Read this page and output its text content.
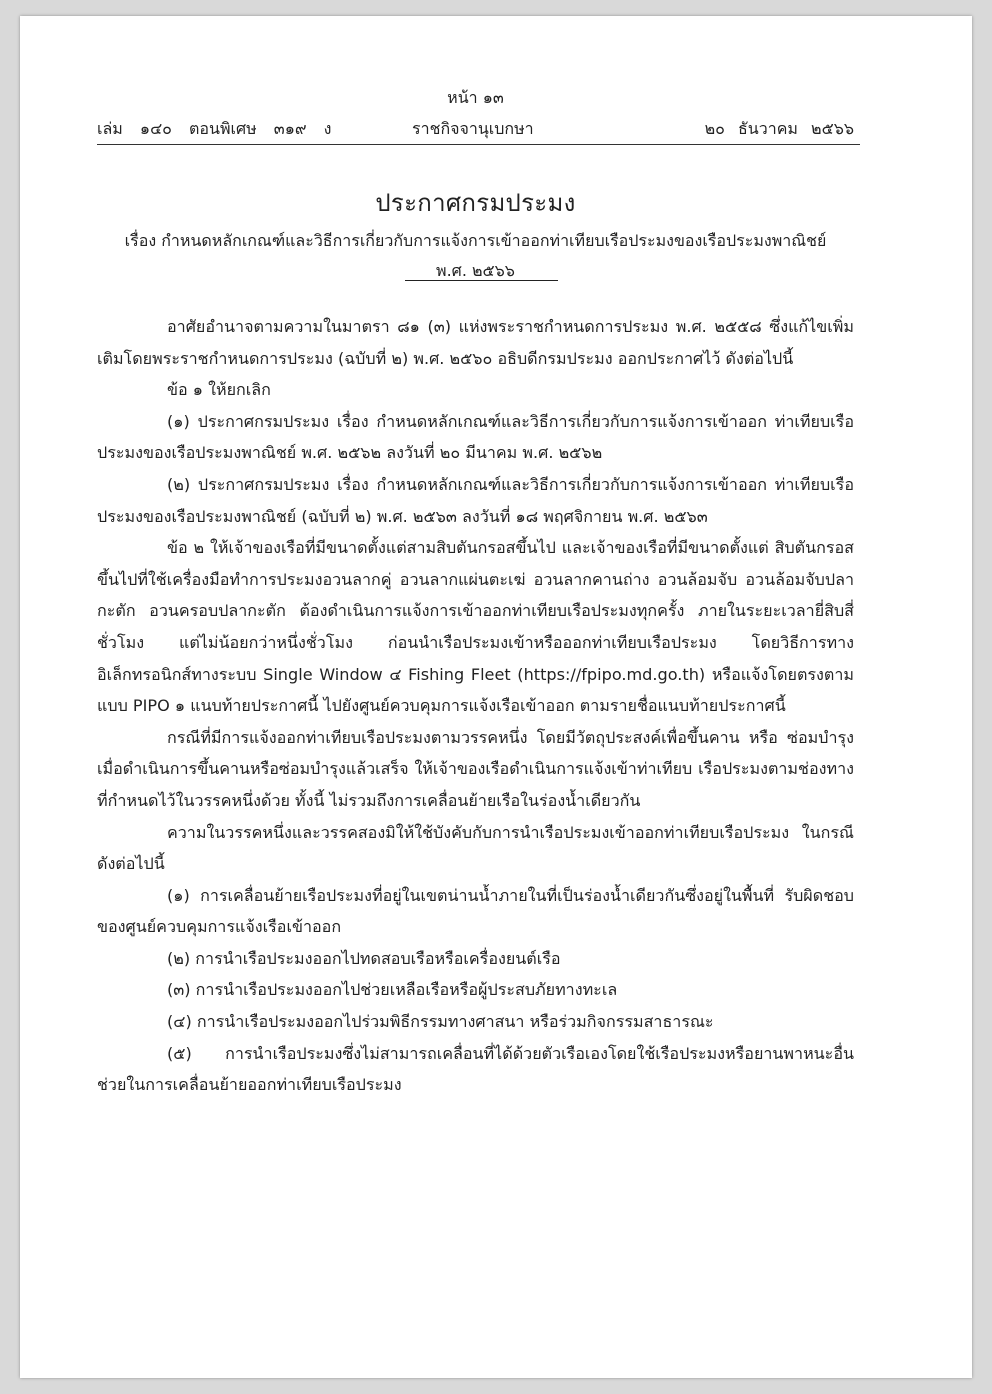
หน้า ๑๓
เล่ม ๑๔๐ ตอนพิเศษ ๓๑๙ ง	ราชกิจจานุเบกษา	๒๐ ธันวาคม ๒๕๖๖
ประกาศกรมประมง
เรื่อง กำหนดหลักเกณฑ์และวิธีการเกี่ยวกับการแจ้งการเข้าออกท่าเทียบเรือประมงของเรือประมงพาณิชย์
พ.ศ. ๒๕๖๖

อาศัยอำนาจตามความในมาตรา ๘๑ (๓) แห่งพระราชกำหนดการประมง พ.ศ. ๒๕๕๘ ซึ่งแก้ไขเพิ่มเติมโดยพระราชกำหนดการประมง (ฉบับที่ ๒) พ.ศ. ๒๕๖๐ อธิบดีกรมประมง ออกประกาศไว้ ดังต่อไปนี้

ข้อ ๑ ให้ยกเลิก

(๑) ประกาศกรมประมง เรื่อง กำหนดหลักเกณฑ์และวิธีการเกี่ยวกับการแจ้งการเข้าออก ท่าเทียบเรือประมงของเรือประมงพาณิชย์ พ.ศ. ๒๕๖๒ ลงวันที่ ๒๐ มีนาคม พ.ศ. ๒๕๖๒

(๒) ประกาศกรมประมง เรื่อง กำหนดหลักเกณฑ์และวิธีการเกี่ยวกับการแจ้งการเข้าออก ท่าเทียบเรือประมงของเรือประมงพาณิชย์ (ฉบับที่ ๒) พ.ศ. ๒๕๖๓ ลงวันที่ ๑๘ พฤศจิกายน พ.ศ. ๒๕๖๓

ข้อ ๒ ให้เจ้าของเรือที่มีขนาดตั้งแต่สามสิบตันกรอสขึ้นไป และเจ้าของเรือที่มีขนาดตั้งแต่ สิบตันกรอสขึ้นไปที่ใช้เครื่องมือทำการประมงอวนลากคู่ อวนลากแผ่นตะเฆ่ อวนลากคานถ่าง อวนล้อมจับ อวนล้อมจับปลากะตัก อวนครอบปลากะตัก ต้องดำเนินการแจ้งการเข้าออกท่าเทียบเรือประมงทุกครั้ง ภายในระยะเวลายี่สิบสี่ชั่วโมง แต่ไม่น้อยกว่าหนึ่งชั่วโมง ก่อนนำเรือประมงเข้าหรือออกท่าเทียบเรือประมง โดยวิธีการทางอิเล็กทรอนิกส์ทางระบบ Single Window ๔ Fishing Fleet (https://fpipo.md.go.th) หรือแจ้งโดยตรงตามแบบ PIPO ๑ แนบท้ายประกาศนี้ ไปยังศูนย์ควบคุมการแจ้งเรือเข้าออก ตามรายชื่อแนบท้ายประกาศนี้

กรณีที่มีการแจ้งออกท่าเทียบเรือประมงตามวรรคหนึ่ง โดยมีวัตถุประสงค์เพื่อขึ้นคาน หรือ ซ่อมบำรุง เมื่อดำเนินการขึ้นคานหรือซ่อมบำรุงแล้วเสร็จ ให้เจ้าของเรือดำเนินการแจ้งเข้าท่าเทียบ เรือประมงตามช่องทางที่กำหนดไว้ในวรรคหนึ่งด้วย ทั้งนี้ ไม่รวมถึงการเคลื่อนย้ายเรือในร่องน้ำเดียวกัน

ความในวรรคหนึ่งและวรรคสองมิให้ใช้บังคับกับการนำเรือประมงเข้าออกท่าเทียบเรือประมง ในกรณี ดังต่อไปนี้

(๑) การเคลื่อนย้ายเรือประมงที่อยู่ในเขตน่านน้ำภายในที่เป็นร่องน้ำเดียวกันซึ่งอยู่ในพื้นที่ รับผิดชอบของศูนย์ควบคุมการแจ้งเรือเข้าออก

(๒) การนำเรือประมงออกไปทดสอบเรือหรือเครื่องยนต์เรือ

(๓) การนำเรือประมงออกไปช่วยเหลือเรือหรือผู้ประสบภัยทางทะเล

(๔) การนำเรือประมงออกไปร่วมพิธีกรรมทางศาสนา หรือร่วมกิจกรรมสาธารณะ

(๕) การนำเรือประมงซึ่งไม่สามารถเคลื่อนที่ได้ด้วยตัวเรือเองโดยใช้เรือประมงหรือยานพาหนะอื่น ช่วยในการเคลื่อนย้ายออกท่าเทียบเรือประมง
